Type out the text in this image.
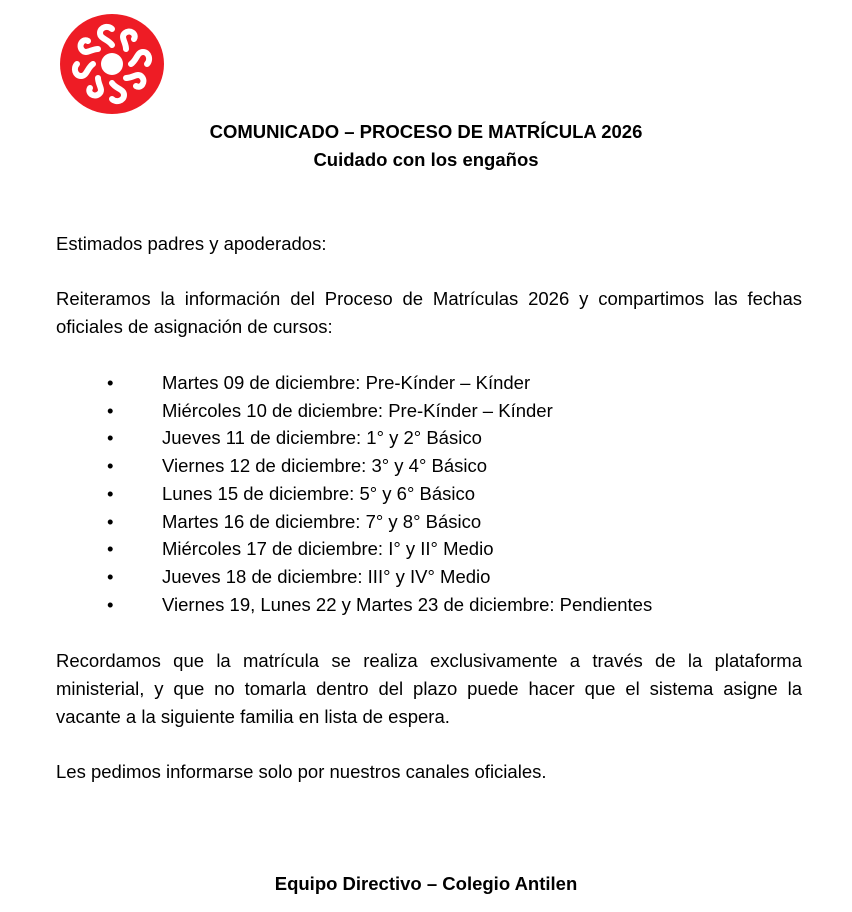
COMUNICADO – PROCESO DE MATRÍCULA 2026
Cuidado con los engaños

Estimados padres y apoderados:

Reiteramos la información del Proceso de Matrículas 2026 y compartimos las fechas oficiales de asignación de cursos:

•	Martes 09 de diciembre: Pre-Kínder – Kínder
•	Miércoles 10 de diciembre: Pre-Kínder – Kínder
•	Jueves 11 de diciembre: 1° y 2° Básico
•	Viernes 12 de diciembre: 3° y 4° Básico
•	Lunes 15 de diciembre: 5° y 6° Básico
•	Martes 16 de diciembre: 7° y 8° Básico
•	Miércoles 17 de diciembre: I° y II° Medio
•	Jueves 18 de diciembre: III° y IV° Medio
•	Viernes 19, Lunes 22 y Martes 23 de diciembre: Pendientes

Recordamos que la matrícula se realiza exclusivamente a través de la plataforma ministerial, y que no tomarla dentro del plazo puede hacer que el sistema asigne la vacante a la siguiente familia en lista de espera.

Les pedimos informarse solo por nuestros canales oficiales.

Equipo Directivo – Colegio Antilen
